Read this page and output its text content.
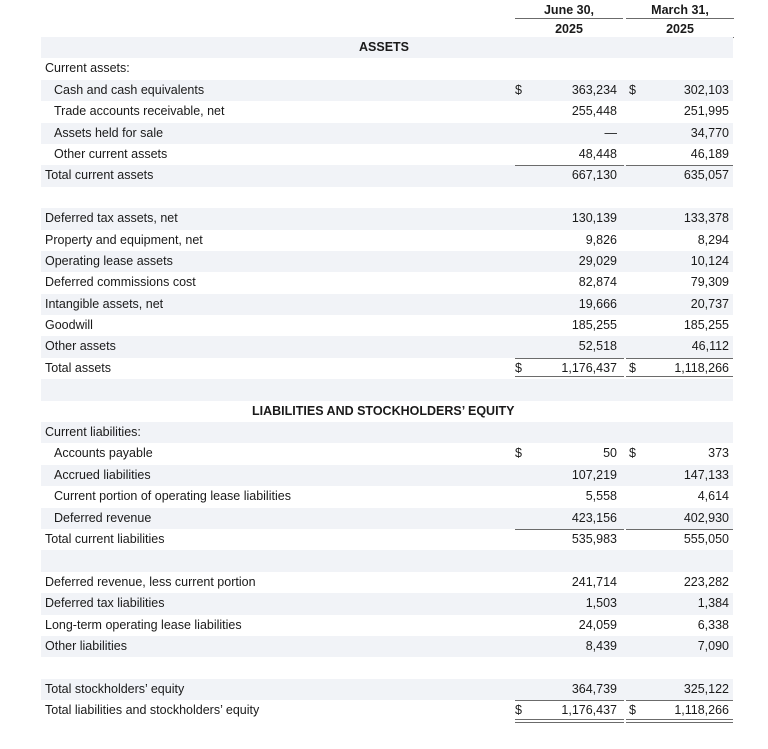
June 30,
2025
March 31,
2025
ASSETS
Current assets:
Cash and cash equivalents	$	363,234 $	302,103
Trade accounts receivable, net	255,448	251,995
Assets held for sale	—	34,770
Other current assets	48,448	46,189
Total current assets	667,130	635,057
Deferred tax assets, net	130,139	133,378
Property and equipment, net	9,826	8,294
Operating lease assets	29,029	10,124
Deferred commissions cost	82,874	79,309
Intangible assets, net	19,666	20,737
Goodwill	185,255	185,255
Other assets	52,518	46,112
Total assets	$	1,176,437 $	1,118,266
LIABILITIES AND STOCKHOLDERS’ EQUITY
Current liabilities:
Accounts payable	$	50 $	373
Accrued liabilities	107,219	147,133
Current portion of operating lease liabilities	5,558	4,614
Deferred revenue	423,156	402,930
Total current liabilities	535,983	555,050
Deferred revenue, less current portion	241,714	223,282
Deferred tax liabilities	1,503	1,384
Long-term operating lease liabilities	24,059	6,338
Other liabilities	8,439	7,090
Total stockholders’ equity	364,739	325,122
Total liabilities and stockholders’ equity	$	1,176,437 $	1,118,266
